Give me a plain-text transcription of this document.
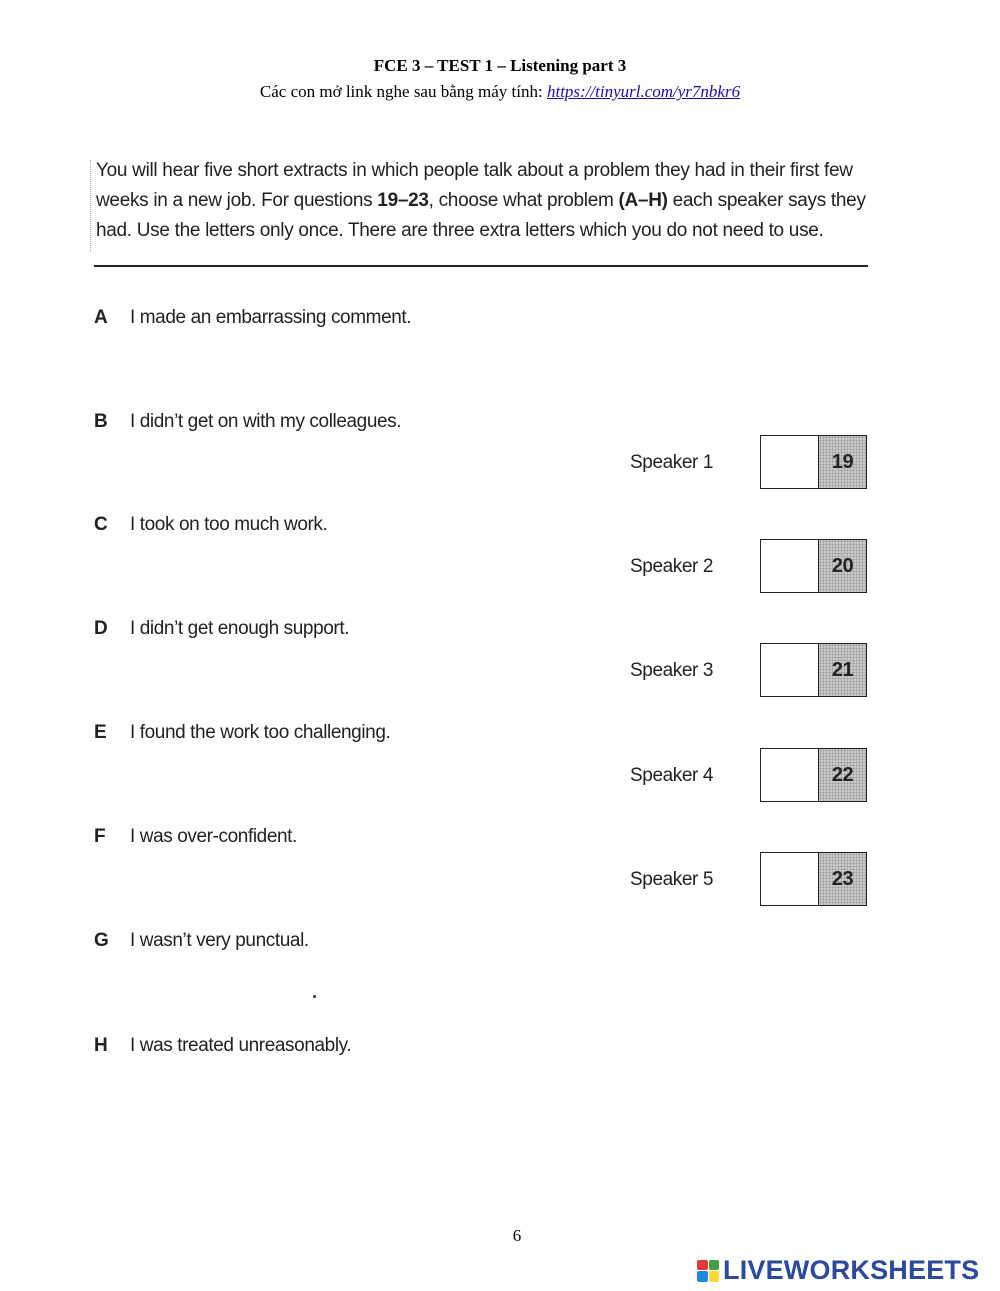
FCE 3 – TEST 1 – Listening part 3
Các con mở link nghe sau bằng máy tính: https://tinyurl.com/yr7nbkr6
You will hear five short extracts in which people talk about a problem they had in their first few weeks in a new job. For questions 19–23, choose what problem (A–H) each speaker says they had. Use the letters only once. There are three extra letters which you do not need to use.
A I made an embarrassing comment.
B I didn’t get on with my colleagues.
C I took on too much work.
D I didn’t get enough support.
E I found the work too challenging.
F I was over-confident.
G I wasn’t very punctual.
H I was treated unreasonably.
Speaker 1	19
Speaker 2	20
Speaker 3	21
Speaker 4	22
Speaker 5	23
6
LIVEWORKSHEETS
